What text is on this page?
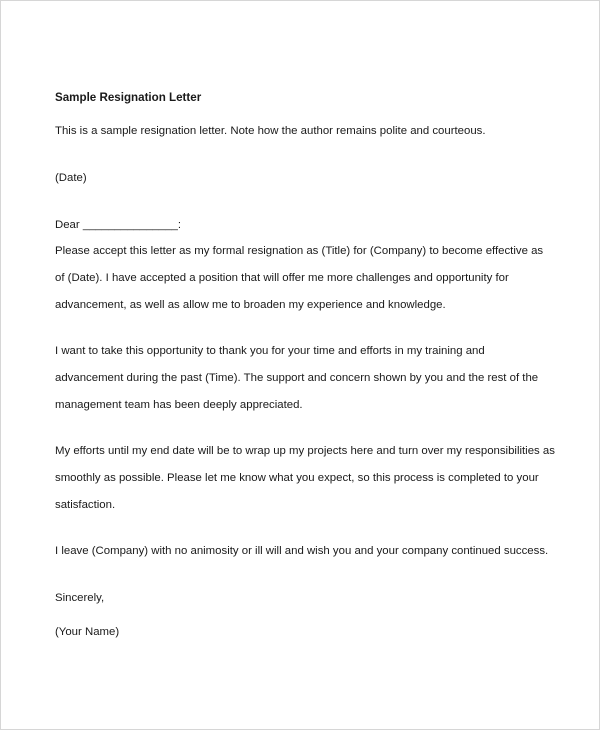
Sample Resignation Letter
This is a sample resignation letter. Note how the author remains polite and courteous.
(Date)
Dear _______________:
Please accept this letter as my formal resignation as (Title) for (Company) to become effective as
of (Date). I have accepted a position that will offer me more challenges and opportunity for
advancement, as well as allow me to broaden my experience and knowledge.
I want to take this opportunity to thank you for your time and efforts in my training and
advancement during the past (Time). The support and concern shown by you and the rest of the
management team has been deeply appreciated.
My efforts until my end date will be to wrap up my projects here and turn over my responsibilities as
smoothly as possible. Please let me know what you expect, so this process is completed to your
satisfaction.
I leave (Company) with no animosity or ill will and wish you and your company continued success.
Sincerely,
(Your Name)
